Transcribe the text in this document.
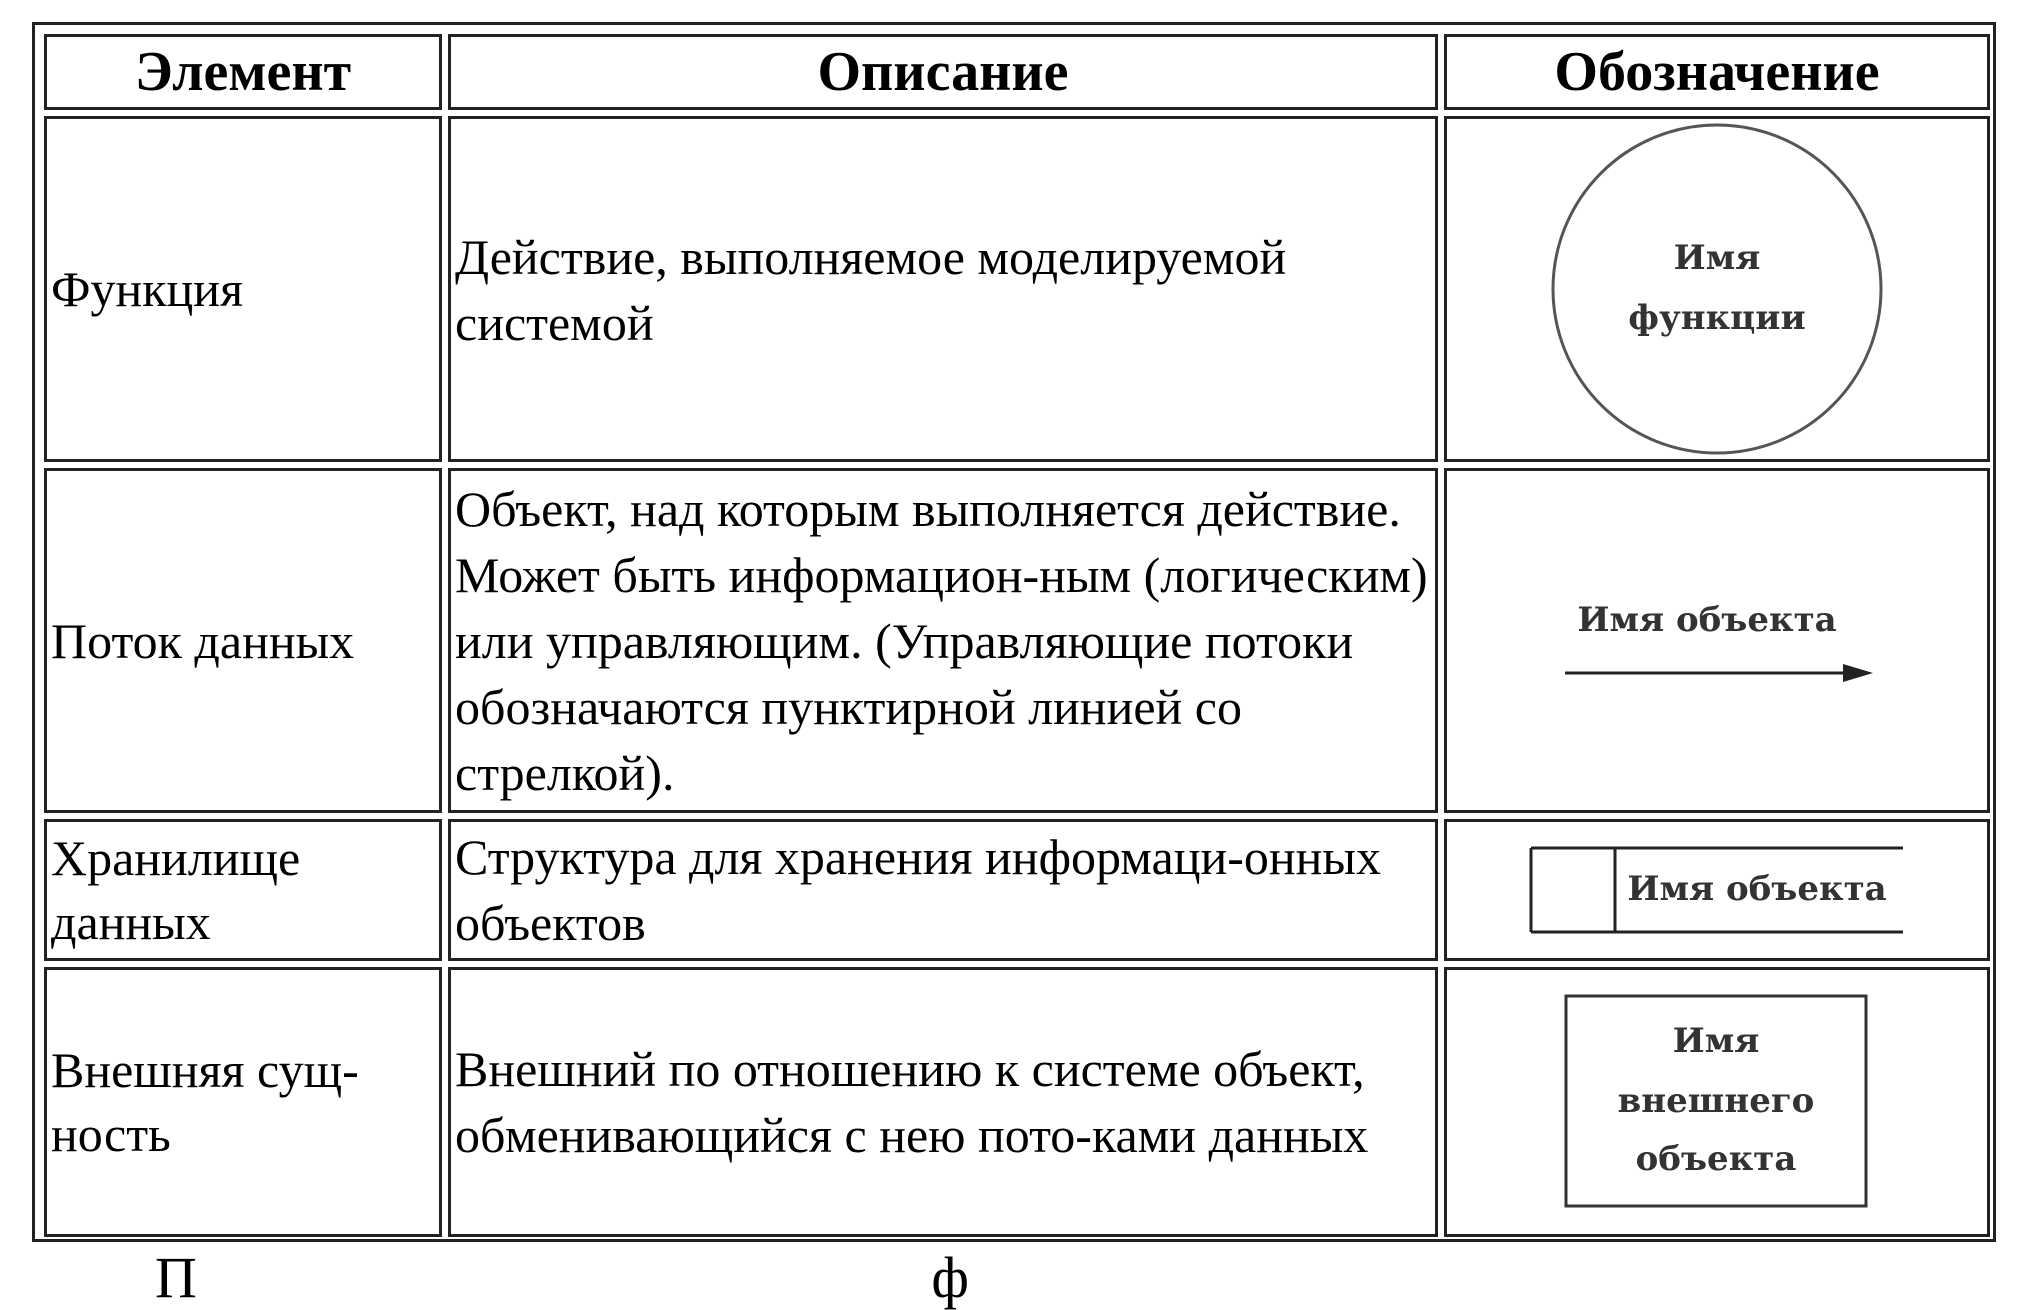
Элемент	Описание	Обозначение
Функция	Действие, выполняемое моделируемой системой	Имя
функции

Поток данных	Объект, над которым выполняется действие. Может быть информацион-ным (логическим) или управляющим. (Управляющие потоки обозначаются пунктирной линией со стрелкой).	Имя объекта

Хранилище данных	Структура для хранения информаци-онных объектов	Имя объекта

Внешняя сущ-ность	Внешний по отношению к системе объект, обменивающийся с нею пото-ками данных	Имя
внешнего
объекта
П ф
